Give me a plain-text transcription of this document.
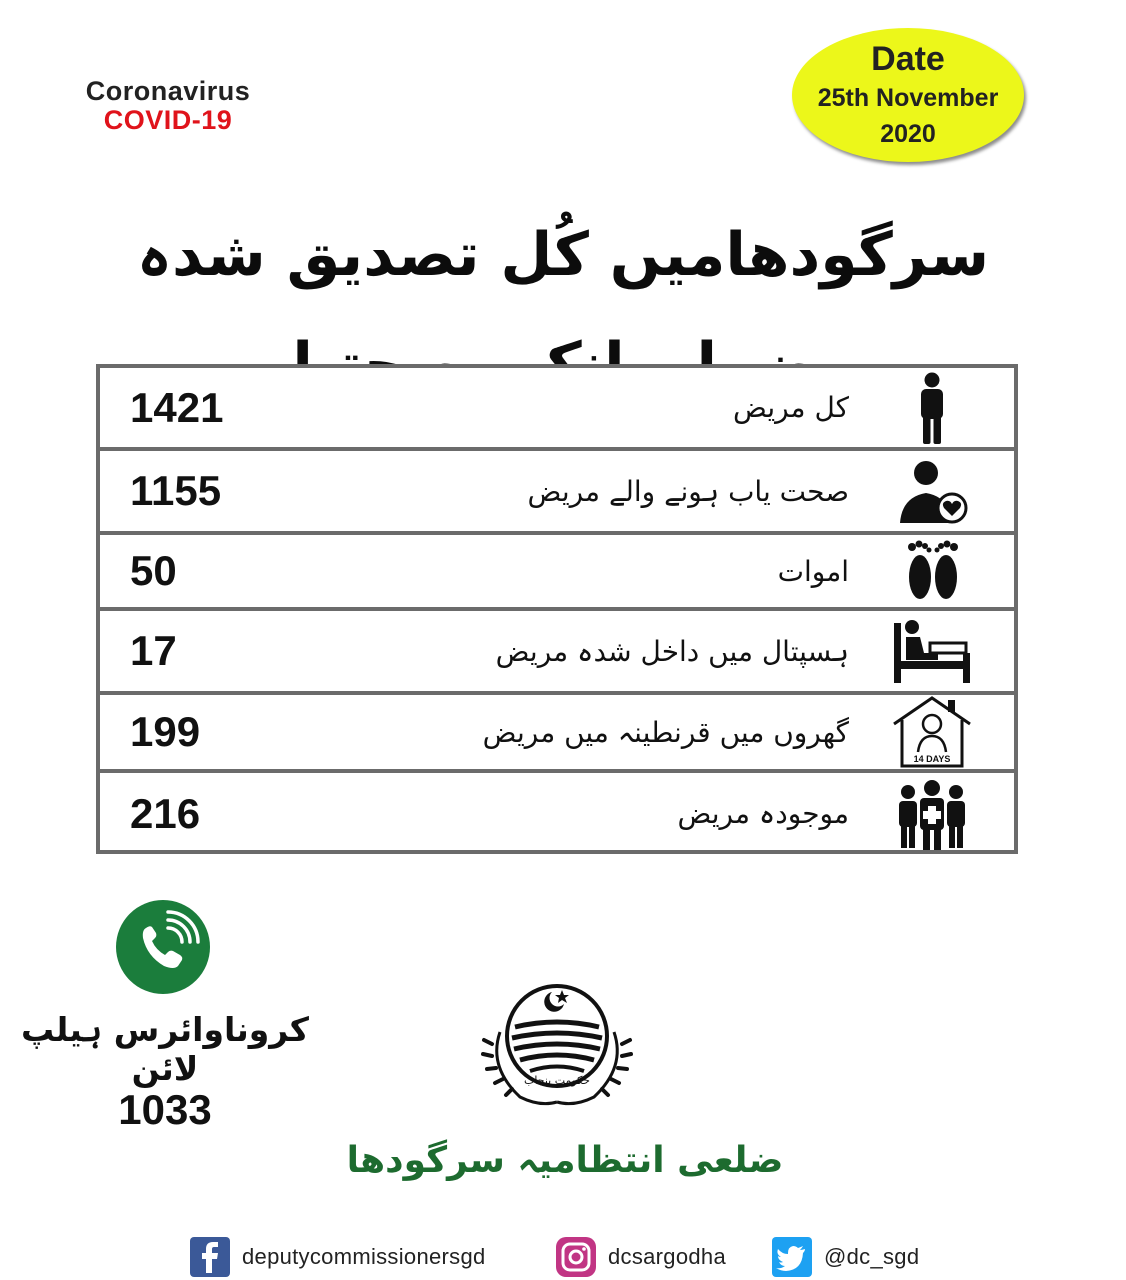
Coronavirus
COVID-19
Date
25th November
2020
سرگودھامیں کُل تصدیق شدہ
1421	کل مریض
1155	صحت یاب ہونے والے مریض
50	اموات
17	ہسپتال میں داخل شدہ مریض
199	گھروں میں قرنطینہ میں مریض
14 DAYS
216	موجودہ مریض
کروناوائرس ہیلپ لائن
1033
حکومت پنجاب
ضلعی انتظامیہ سرگودھا
deputycommissionersgd	dcsargodha	@dc_sgd
